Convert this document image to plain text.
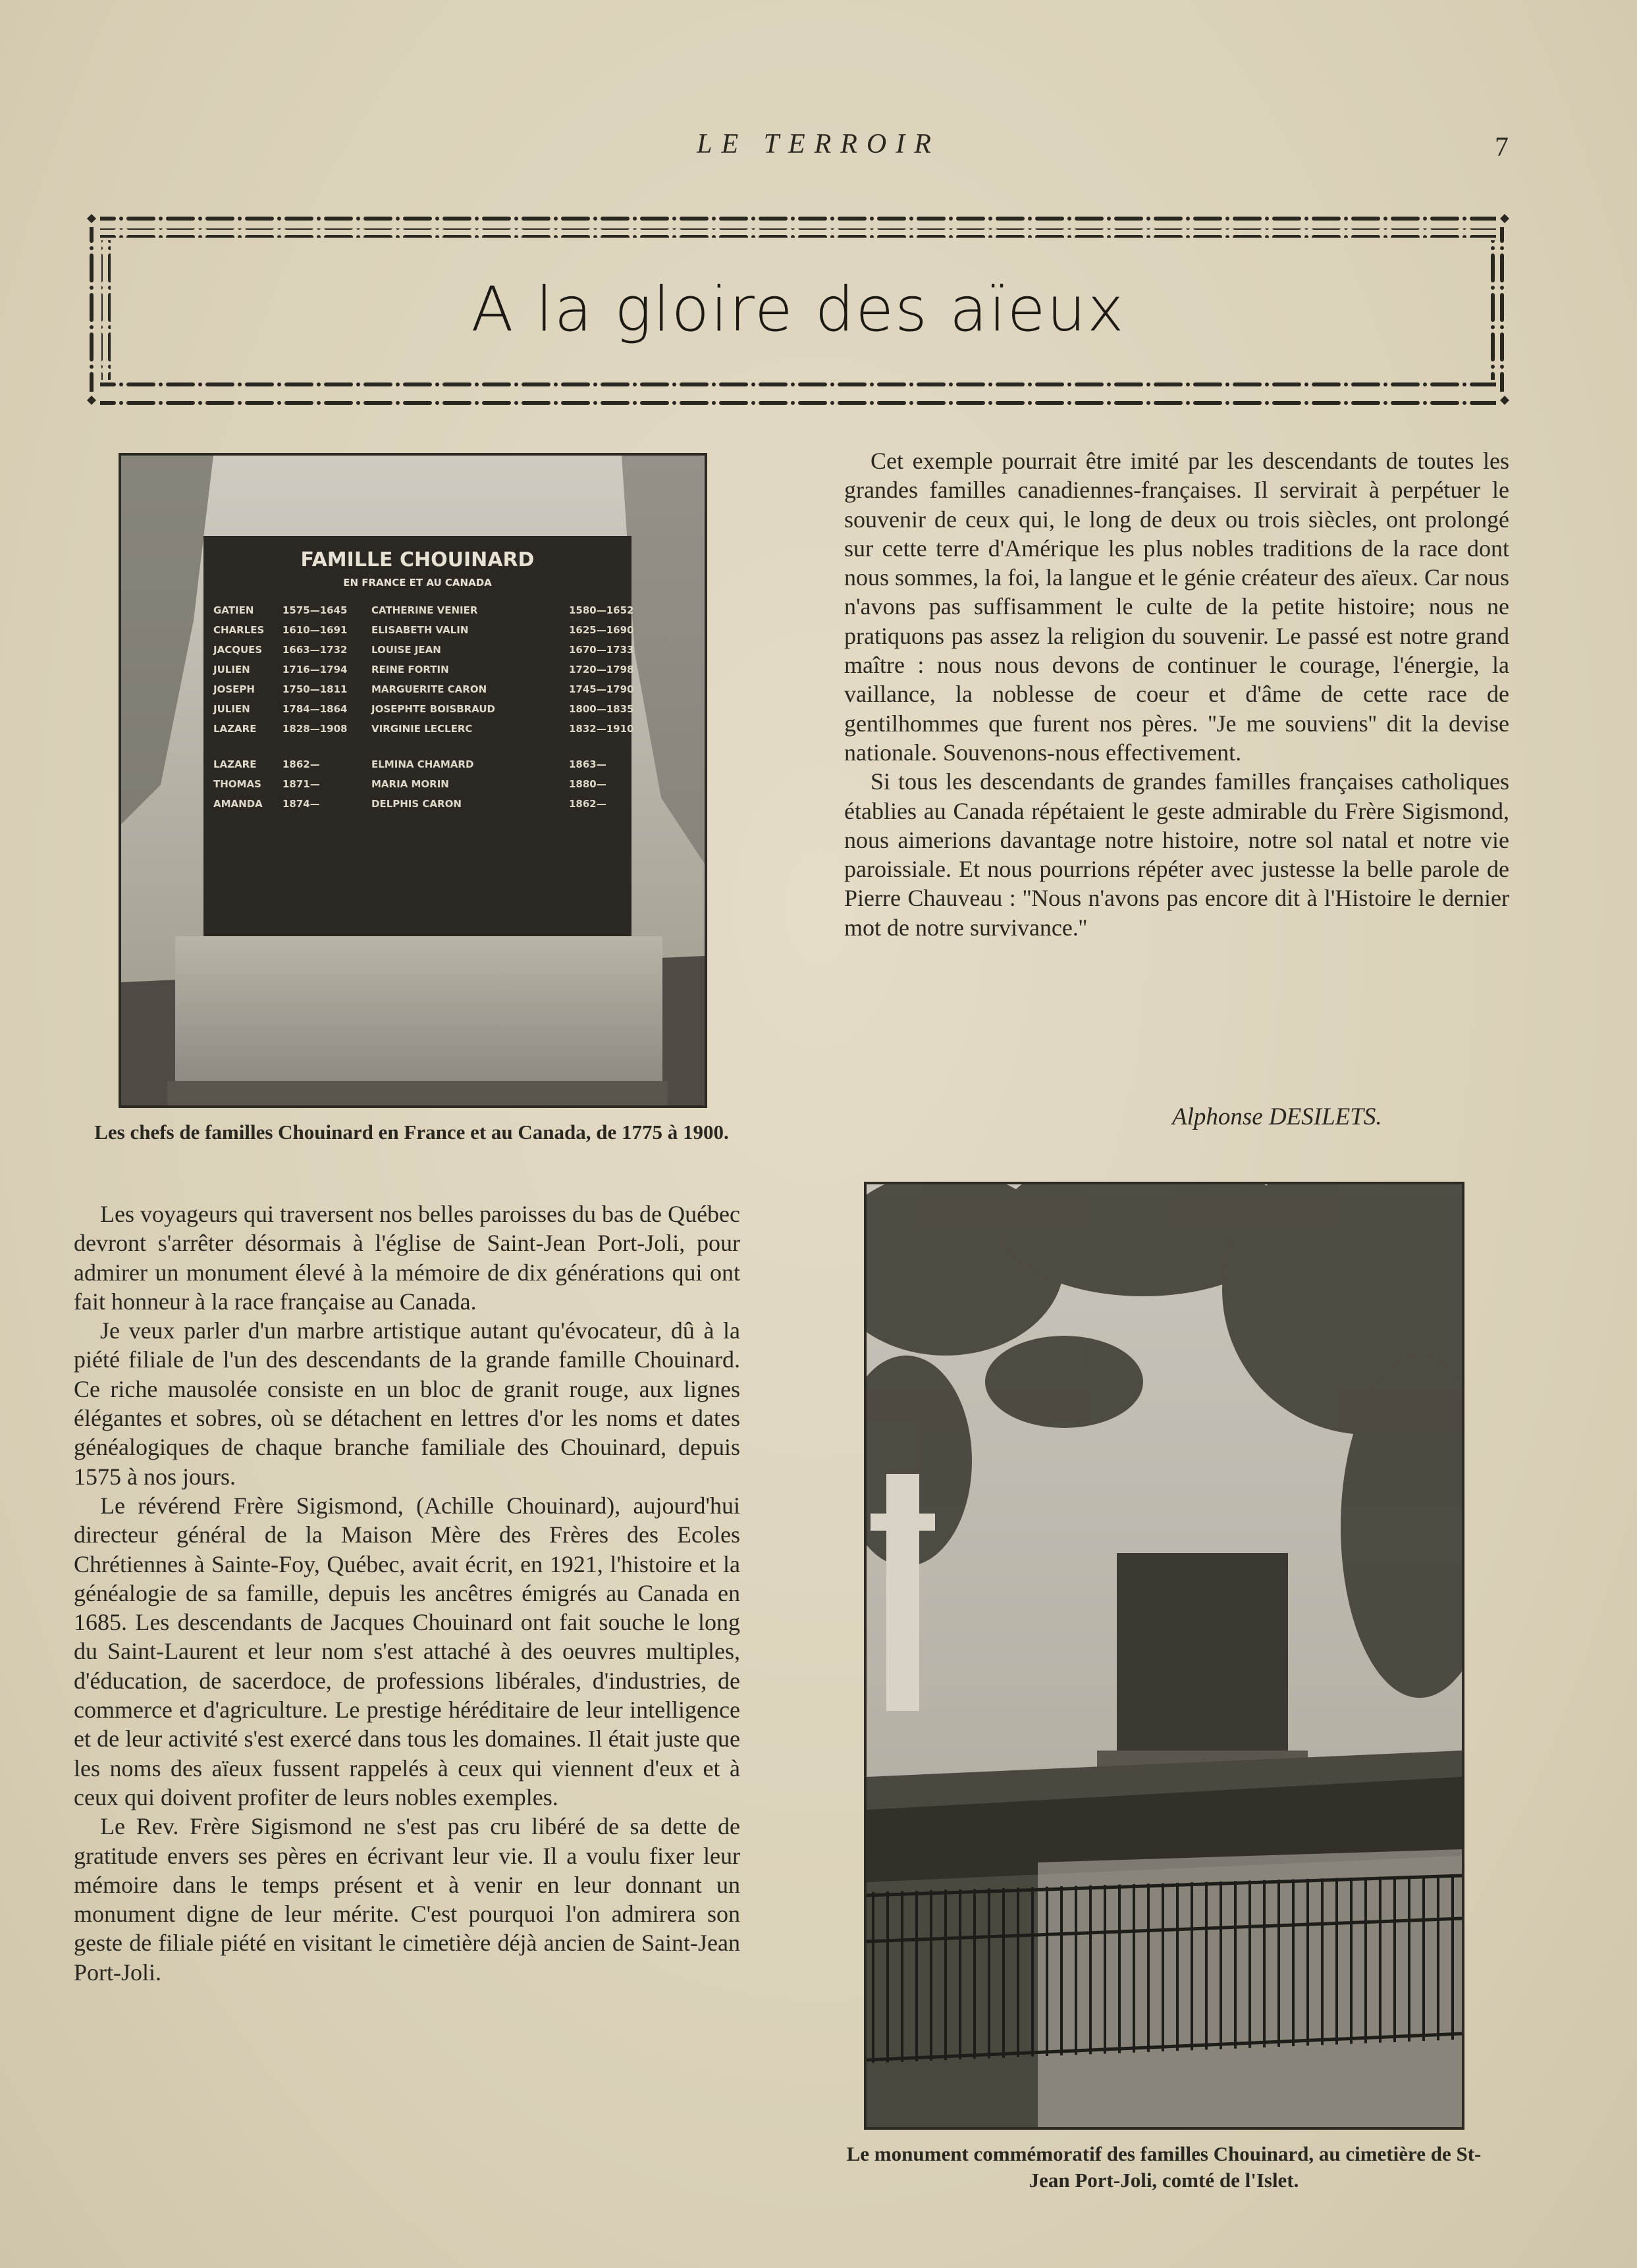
LE TERROIR	7
A la gloire des aïeux
FAMILLE CHOUINARD
EN FRANCE ET AU CANADA
GATIEN	1575—1645 CATHERINE VENIER	1580—1652
CHARLES 1610—1691 ELISABETH VALIN	1625—1690
JACQUES 1663—1732 LOUISE JEAN	1670—1733
JULIEN	1716—1794 REINE FORTIN	1720—1798
JOSEPH	1750—1811 MARGUERITE CARON	1745—1790
JULIEN	1784—1864 JOSEPHTE BOISBRAUD	1800—1835
LAZARE	1828—1908 VIRGINIE LECLERC	1832—1910
LAZARE	1862—	ELMINA CHAMARD	1863—
THOMAS 1871—	MARIA MORIN	1880—
AMANDA 1874—	DELPHIS CARON	1862—
Les chefs de familles Chouinard en France et au Canada, de 1775 à 1900.

Les voyageurs qui traversent nos belles paroisses du bas de Québec devront s'arrêter désormais à l'église de Saint-Jean Port-Joli, pour admirer un monument élevé à la mémoire de dix générations qui ont fait honneur à la race française au Canada.

Je veux parler d'un marbre artistique autant qu'évocateur, dû à la piété filiale de l'un des descendants de la grande famille Chouinard. Ce riche mausolée consiste en un bloc de granit rouge, aux lignes élégantes et sobres, où se détachent en lettres d'or les noms et dates généalogiques de chaque branche familiale des Chouinard, depuis 1575 à nos jours.

Le révérend Frère Sigismond, (Achille Chouinard), aujourd'hui directeur général de la Maison Mère des Frères des Ecoles Chrétiennes à Sainte-Foy, Québec, avait écrit, en 1921, l'histoire et la généalogie de sa famille, depuis les ancêtres émigrés au Canada en 1685. Les descendants de Jacques Chouinard ont fait souche le long du Saint-Laurent et leur nom s'est attaché à des oeuvres multiples, d'éducation, de sacerdoce, de professions libérales, d'industries, de commerce et d'agriculture. Le prestige héréditaire de leur intelligence et de leur activité s'est exercé dans tous les domaines. Il était juste que les noms des aïeux fussent rappelés à ceux qui viennent d'eux et à ceux qui doivent profiter de leurs nobles exemples.

Le Rev. Frère Sigismond ne s'est pas cru libéré de sa dette de gratitude envers ses pères en écrivant leur vie. Il a voulu fixer leur mémoire dans le temps présent et à venir en leur donnant un monument digne de leur mérite. C'est pourquoi l'on admirera son geste de filiale piété en visitant le cimetière déjà ancien de Saint-Jean Port-Joli.

Cet exemple pourrait être imité par les descendants de toutes les grandes familles canadiennes-françaises. Il servirait à perpétuer le souvenir de ceux qui, le long de deux ou trois siècles, ont prolongé sur cette terre d'Amérique les plus nobles traditions de la race dont nous sommes, la foi, la langue et le génie créateur des aïeux. Car nous n'avons pas suffisamment le culte de la petite histoire; nous ne pratiquons pas assez la religion du souvenir. Le passé est notre grand maître : nous nous devons de continuer le courage, l'énergie, la vaillance, la noblesse de coeur et d'âme de cette race de gentilhommes que furent nos pères. ''Je me souviens'' dit la devise nationale. Souvenons-nous effectivement.

Si tous les descendants de grandes familles françaises catholiques établies au Canada répétaient le geste admirable du Frère Sigismond, nous aimerions davantage notre histoire, notre sol natal et notre vie paroissiale. Et nous pourrions répéter avec justesse la belle parole de Pierre Chauveau : ''Nous n'avons pas encore dit à l'Histoire le dernier mot de notre survivance.''

Alphonse DESILETS.
Le monument commémoratif des familles Chouinard, au cimetière de St-Jean Port-Joli, comté de l'Islet.
